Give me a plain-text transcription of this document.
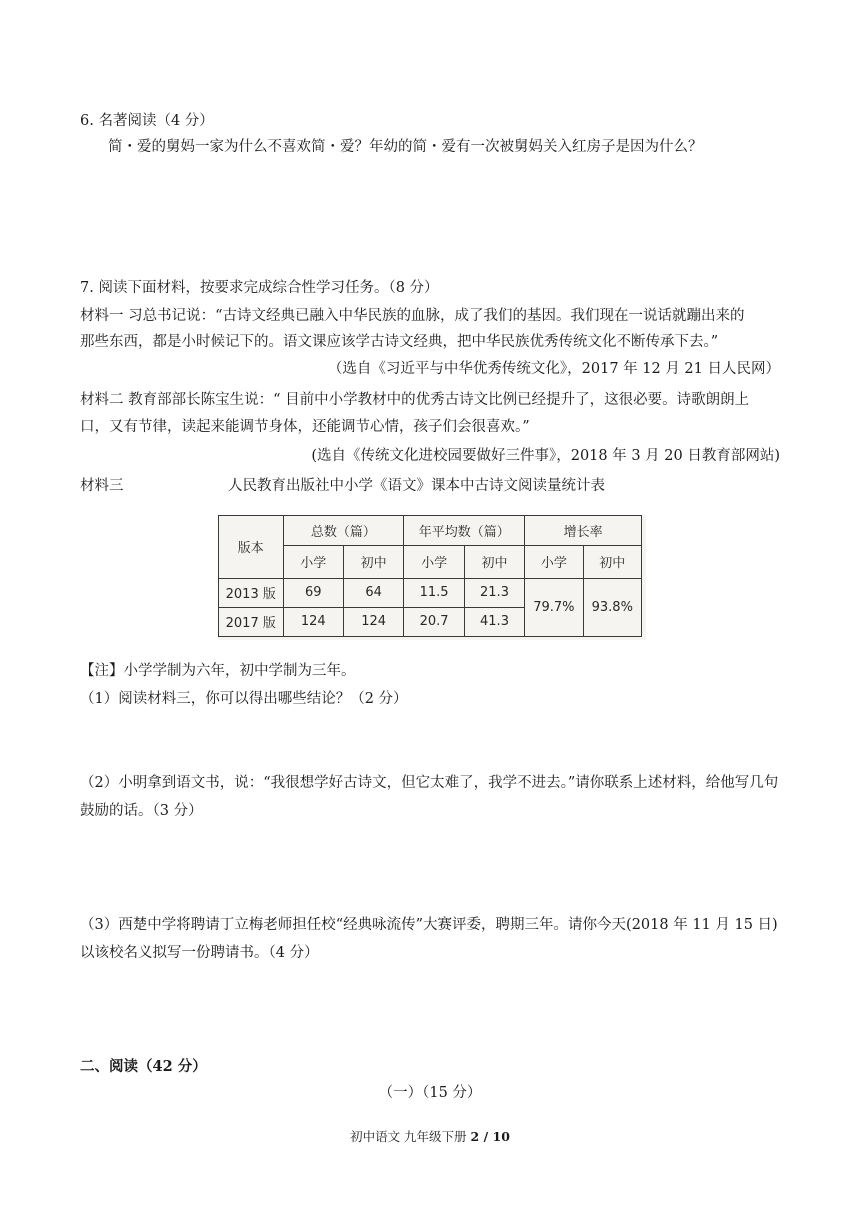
6. 名著阅读（4 分）
简・爱的舅妈一家为什么不喜欢简・爱？年幼的简・爱有一次被舅妈关入红房子是因为什么？
7. 阅读下面材料，按要求完成综合性学习任务。（8 分）
材料一 习总书记说：“古诗文经典已融入中华民族的血脉，成了我们的基因。我们现在一说话就蹦出来的
那些东西，都是小时候记下的。语文课应该学古诗文经典，把中华民族优秀传统文化不断传承下去。”
（选自《习近平与中华优秀传统文化》，2017 年 12 月 21 日人民网）
材料二 教育部部长陈宝生说：“ 目前中小学教材中的优秀古诗文比例已经提升了，这很必要。诗歌朗朗上
口，又有节律，读起来能调节身体，还能调节心情，孩子们会很喜欢。”
(选自《传统文化进校园要做好三件事》，2018 年 3 月 20 日教育部网站)
材料三	人民教育出版社中小学《语文》课本中古诗文阅读量统计表
版本	总数（篇）		年平均数（篇）		增长率	
	小学	初中	小学	初中	小学	初中
2013 版	69	64	11.5	21.3	79.7%	93.8%
2017 版	124	124	20.7	41.3		
【注】小学学制为六年，初中学制为三年。
（1）阅读材料三，你可以得出哪些结论？（2 分）
（2）小明拿到语文书，说：“我很想学好古诗文，但它太难了，我学不进去。”请你联系上述材料，给他写几句
鼓励的话。（3 分）
（3）西楚中学将聘请丁立梅老师担任校“经典咏流传”大赛评委，聘期三年。请你今天(2018 年 11 月 15 日)
以该校名义拟写一份聘请书。（4 分）
二、阅读（42 分）
（一）（15 分）
初中语文 九年级下册 2 / 10
